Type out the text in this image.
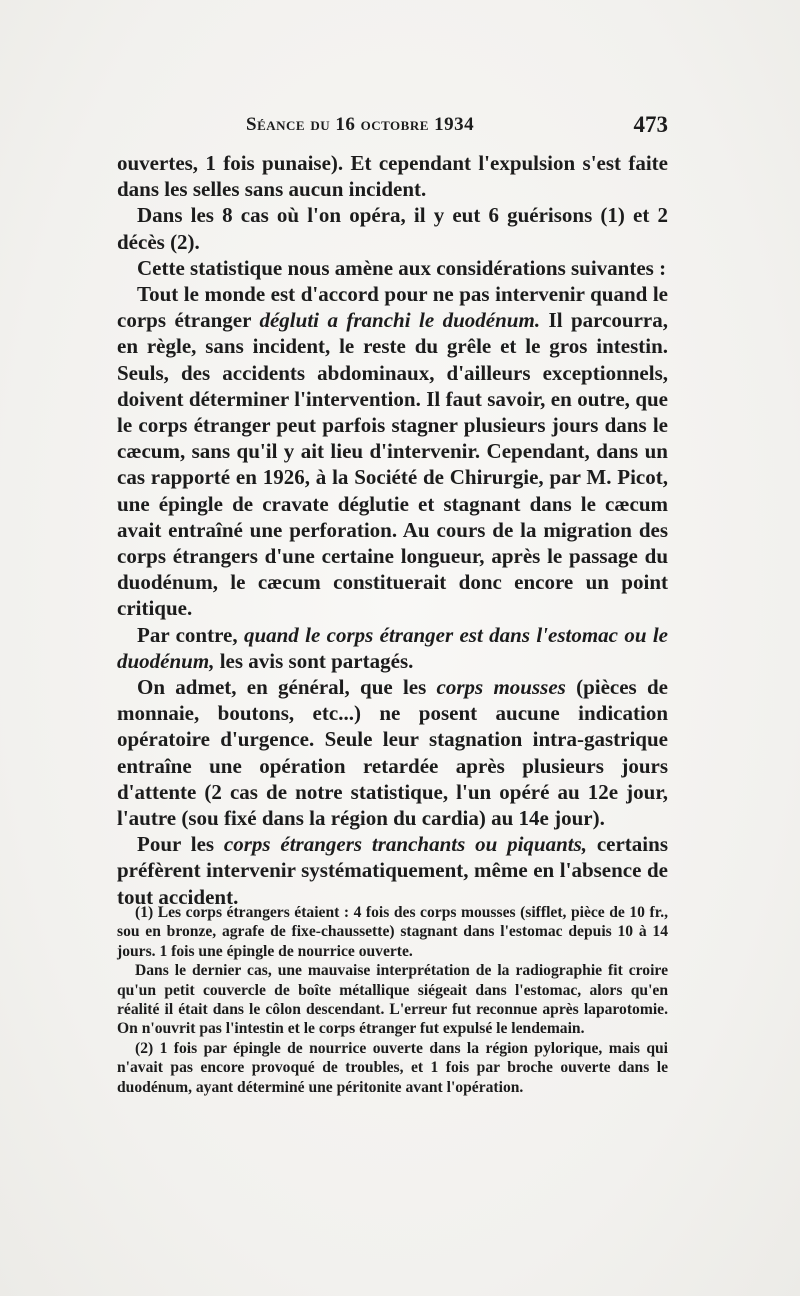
Séance du 16 octobre 1934	473

ouvertes, 1 fois punaise). Et cependant l'expulsion s'est faite dans les selles sans aucun incident.

Dans les 8 cas où l'on opéra, il y eut 6 guérisons (1) et 2 décès (2).

Cette statistique nous amène aux considérations suivantes :

Tout le monde est d'accord pour ne pas intervenir quand le corps étranger dégluti a franchi le duodénum. Il parcourra, en règle, sans incident, le reste du grêle et le gros intestin. Seuls, des accidents abdominaux, d'ailleurs exceptionnels, doivent déterminer l'intervention. Il faut savoir, en outre, que le corps étranger peut parfois stagner plusieurs jours dans le cæcum, sans qu'il y ait lieu d'intervenir. Cependant, dans un cas rapporté en 1926, à la Société de Chirurgie, par M. Picot, une épingle de cravate déglutie et stagnant dans le cæcum avait entraîné une perforation. Au cours de la migration des corps étrangers d'une certaine longueur, après le passage du duodénum, le cæcum constituerait donc encore un point critique.

Par contre, quand le corps étranger est dans l'estomac ou le duodénum, les avis sont partagés.

On admet, en général, que les corps mousses (pièces de monnaie, boutons, etc...) ne posent aucune indication opératoire d'urgence. Seule leur stagnation intra-gastrique entraîne une opération retardée après plusieurs jours d'attente (2 cas de notre statistique, l'un opéré au 12e jour, l'autre (sou fixé dans la région du cardia) au 14e jour).

Pour les corps étrangers tranchants ou piquants, certains préfèrent intervenir systématiquement, même en l'absence de tout accident.

(1) Les corps étrangers étaient : 4 fois des corps mousses (sifflet, pièce de 10 fr., sou en bronze, agrafe de fixe-chaussette) stagnant dans l'estomac depuis 10 à 14 jours. 1 fois une épingle de nourrice ouverte.

Dans le dernier cas, une mauvaise interprétation de la radiographie fit croire qu'un petit couvercle de boîte métallique siégeait dans l'estomac, alors qu'en réalité il était dans le côlon descendant. L'erreur fut reconnue après laparotomie. On n'ouvrit pas l'intestin et le corps étranger fut expulsé le lendemain.

(2) 1 fois par épingle de nourrice ouverte dans la région pylorique, mais qui n'avait pas encore provoqué de troubles, et 1 fois par broche ouverte dans le duodénum, ayant déterminé une péritonite avant l'opération.
